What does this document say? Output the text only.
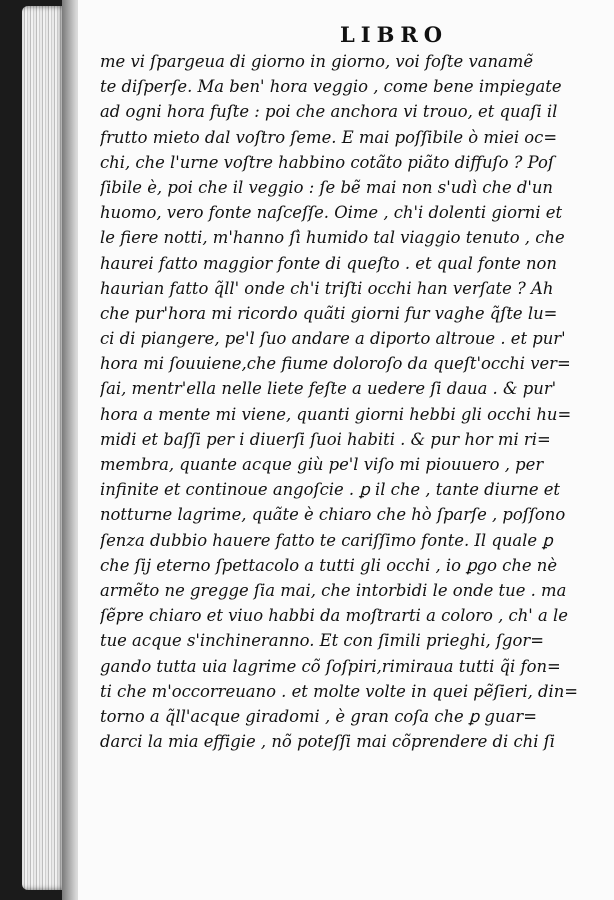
LIBRO
me vi ſpargeua di giorno in giorno, voi foſte vanamẽ
te diſperſe. Ma ben' hora veggio , come bene impiegate
ad ogni hora fuſte : poi che anchora vi trouo, et quaſi il
frutto mieto dal voſtro ſeme. E mai poſſibile ò miei oc=
chi, che l'urne voſtre habbino cotãto piãto diffuſo ? Poſ
ſibile è, poi che il veggio : ſe bẽ mai non s'udì che d'un
huomo, vero fonte naſceſſe. Oime , ch'i dolenti giorni et
le fiere notti, m'hanno ſì humido tal viaggio tenuto , che
haurei fatto maggior fonte di queſto . et qual fonte non
haurian fatto q̃ll' onde ch'i triſti occhi han verſate ? Ah
che pur'hora mi ricordo quãti giorni fur vaghe q̃ſte lu=
ci di piangere, pe'l ſuo andare a diporto altroue . et pur'
hora mi ſouuiene,che fiume doloroſo da queſt'occhi ver=
ſai, mentr'ella nelle liete feſte a uedere ſi daua . & pur'
hora a mente mi viene, quanti giorni hebbi gli occhi hu=
midi et baſſi per i diuerſi ſuoi habiti . & pur hor mi ri=
membra, quante acque giù pe'l viſo mi piouuero , per
infinite et continoue angoſcie . ꝑ il che , tante diurne et
notturne lagrime, quãte è chiaro che hò ſparſe , poſſono
ſenza dubbio hauere fatto te cariſſimo fonte. Il quale ꝑ
che ſij eterno ſpettacolo a tutti gli occhi , io ꝑgo che nè
armẽto ne gregge ſia mai, che intorbidi le onde tue . ma
ſẽpre chiaro et viuo habbi da moſtrarti a coloro , ch' a le
tue acque s'inchineranno. Et con ſimili prieghi, ſgor=
gando tutta uia lagrime cõ ſoſpiri,rimiraua tutti q̃i fon=
ti che m'occorreuano . et molte volte in quei pẽſieri, din=
torno a q̃ll'acque giradomi , è gran coſa che ꝑ guar=
darci la mia effigie , nõ poteſſi mai cõprendere di chi ſi
